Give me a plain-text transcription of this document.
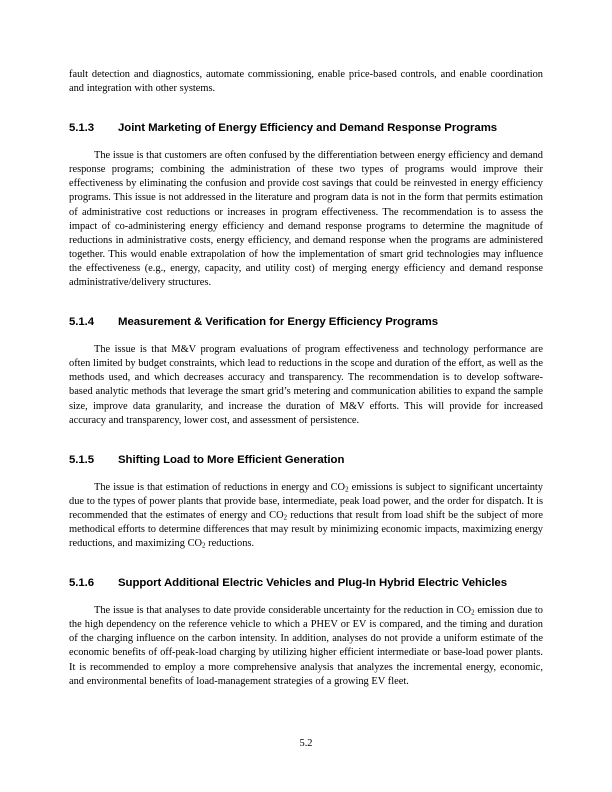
fault detection and diagnostics, automate commissioning, enable price-based controls, and enable coordination and integration with other systems.

5.1.3 Joint Marketing of Energy Efficiency and Demand Response Programs

The issue is that customers are often confused by the differentiation between energy efficiency and demand response programs; combining the administration of these two types of programs would improve their effectiveness by eliminating the confusion and provide cost savings that could be reinvested in energy efficiency programs. This issue is not addressed in the literature and program data is not in the form that permits estimation of administrative cost reductions or increases in program effectiveness. The recommendation is to assess the impact of co-administering energy efficiency and demand response programs to determine the magnitude of reductions in administrative costs, energy efficiency, and demand response when the programs are administered together. This would enable extrapolation of how the implementation of smart grid technologies may influence the effectiveness (e.g., energy, capacity, and utility cost) of merging energy efficiency and demand response administrative/delivery structures.

5.1.4 Measurement & Verification for Energy Efficiency Programs

The issue is that M&V program evaluations of program effectiveness and technology performance are often limited by budget constraints, which lead to reductions in the scope and duration of the effort, as well as the methods used, and which decreases accuracy and transparency. The recommendation is to develop software-based analytic methods that leverage the smart grid’s metering and communication abilities to expand the sample size, improve data granularity, and increase the duration of M&V efforts. This will provide for increased accuracy and transparency, lower cost, and assessment of persistence.

5.1.5 Shifting Load to More Efficient Generation

The issue is that estimation of reductions in energy and $CO_2$ emissions is subject to significant uncertainty due to the types of power plants that provide base, intermediate, peak load power, and the order for dispatch. It is recommended that the estimates of energy and $CO_2$ reductions that result from load shift be the subject of more methodical efforts to determine differences that may result by minimizing economic impacts, maximizing energy reductions, and maximizing $CO_2$ reductions.

5.1.6 Support Additional Electric Vehicles and Plug-In Hybrid Electric Vehicles

The issue is that analyses to date provide considerable uncertainty for the reduction in $CO_2$ emission due to the high dependency on the reference vehicle to which a PHEV or EV is compared, and the timing and duration of the charging influence on the carbon intensity. In addition, analyses do not provide a uniform estimate of the economic benefits of off-peak-load charging by utilizing higher efficient intermediate or base-load power plants. It is recommended to employ a more comprehensive analysis that analyzes the incremental energy, economic, and environmental benefits of load-management strategies of a growing EV fleet.

5.2
